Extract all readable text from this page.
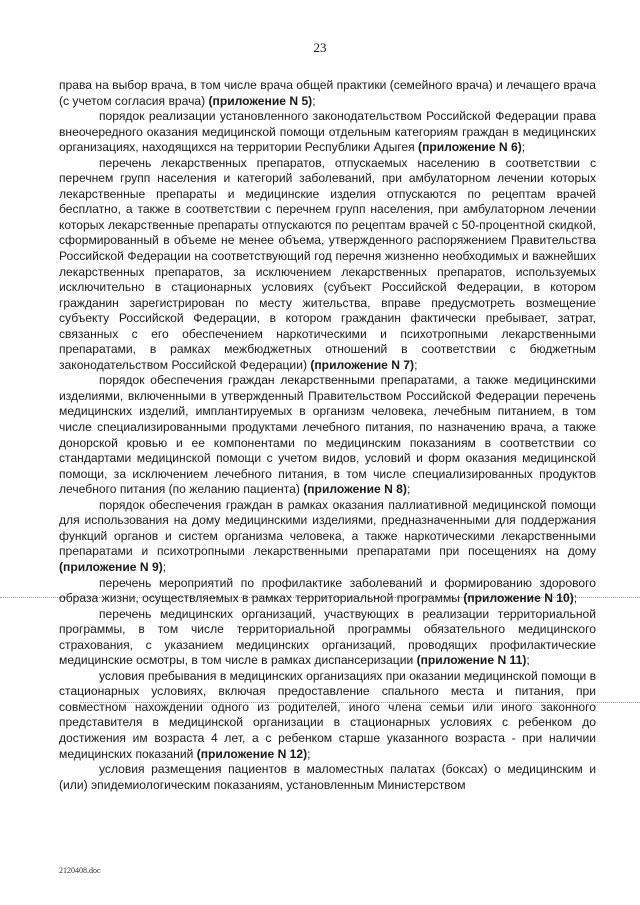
23

права на выбор врача, в том числе врача общей практики (семейного врача) и лечащего врача (с учетом согласия врача) (приложение N 5);

порядок реализации установленного законодательством Российской Федерации права внеочередного оказания медицинской помощи отдельным категориям граждан в медицинских организациях, находящихся на территории Республики Адыгея (приложение N 6);

перечень лекарственных препаратов, отпускаемых населению в соответствии с перечнем групп населения и категорий заболеваний, при амбулаторном лечении которых лекарственные препараты и медицинские изделия отпускаются по рецептам врачей бесплатно, а также в соответствии с перечнем групп населения, при амбулаторном лечении которых лекарственные препараты отпускаются по рецептам врачей с 50-процентной скидкой, сформированный в объеме не менее объема, утвержденного распоряжением Правительства Российской Федерации на соответствующий год перечня жизненно необходимых и важнейших лекарственных препаратов, за исключением лекарственных препаратов, используемых исключительно в стационарных условиях (субъект Российской Федерации, в котором гражданин зарегистрирован по месту жительства, вправе предусмотреть возмещение субъекту Российской Федерации, в котором гражданин фактически пребывает, затрат, связанных с его обеспечением наркотическими и психотропными лекарственными препаратами, в рамках межбюджетных отношений в соответствии с бюджетным законодательством Российской Федерации) (приложение N 7);

порядок обеспечения граждан лекарственными препаратами, а также медицинскими изделиями, включенными в утвержденный Правительством Российской Федерации перечень медицинских изделий, имплантируемых в организм человека, лечебным питанием, в том числе специализированными продуктами лечебного питания, по назначению врача, а также донорской кровью и ее компонентами по медицинским показаниям в соответствии со стандартами медицинской помощи с учетом видов, условий и форм оказания медицинской помощи, за исключением лечебного питания, в том числе специализированных продуктов лечебного питания (по желанию пациента) (приложение N 8);

порядок обеспечения граждан в рамках оказания паллиативной медицинской помощи для использования на дому медицинскими изделиями, предназначенными для поддержания функций органов и систем организма человека, а также наркотическими лекарственными препаратами и психотропными лекарственными препаратами при посещениях на дому (приложение N 9);

перечень мероприятий по профилактике заболеваний и формированию здорового образа жизни, осуществляемых в рамках территориальной программы (приложение N 10);

перечень медицинских организаций, участвующих в реализации территориальной программы, в том числе территориальной программы обязательного медицинского страхования, с указанием медицинских организаций, проводящих профилактические медицинские осмотры, в том числе в рамках диспансеризации (приложение N 11);

условия пребывания в медицинских организациях при оказании медицинской помощи в стационарных условиях, включая предоставление спального места и питания, при совместном нахождении одного из родителей, иного члена семьи или иного законного представителя в медицинской организации в стационарных условиях с ребенком до достижения им возраста 4 лет, а с ребенком старше указанного возраста - при наличии медицинских показаний (приложение N 12);

условия размещения пациентов в маломестных палатах (боксах) о медицинским и (или) эпидемиологическим показаниям, установленным Министерством

2120408.doc
